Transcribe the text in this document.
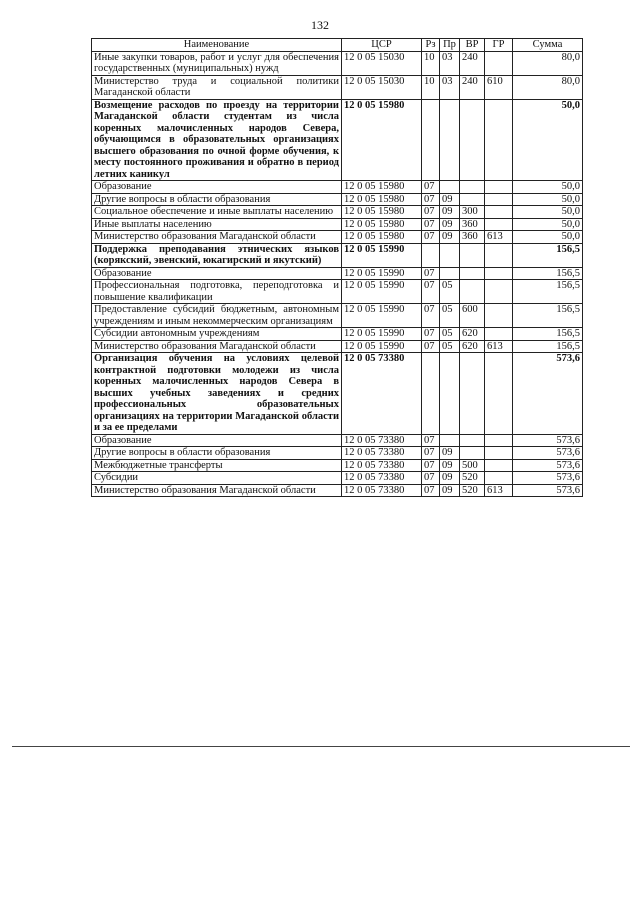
132
Наименование	ЦСР	Рз	Пр	ВР	ГР	Сумма
Иные закупки товаров, работ и услуг для обеспечения государственных (муниципальных) нужд	12 0 05 15030	10	03	240		80,0
Министерство труда и социальной политики Магаданской области	12 0 05 15030	10	03	240	610	80,0
Возмещение расходов по проезду на территории Магаданской области студентам из числа коренных малочисленных народов Севера, обучающимся в образовательных организациях высшего образования по очной форме обучения, к месту постоянного проживания и обратно в период летних каникул	12 0 05 15980					50,0
Образование	12 0 05 15980	07				50,0
Другие вопросы в области образования	12 0 05 15980	07	09			50,0
Социальное обеспечение и иные выплаты населению	12 0 05 15980	07	09	300		50,0
Иные выплаты населению	12 0 05 15980	07	09	360		50,0
Министерство образования Магаданской области	12 0 05 15980	07	09	360	613	50,0
Поддержка преподавания этнических языков (корякский, эвенский, юкагирский и якутский)	12 0 05 15990					156,5
Образование	12 0 05 15990	07				156,5
Профессиональная подготовка, переподготовка и повышение квалификации	12 0 05 15990	07	05			156,5
Предоставление субсидий бюджетным, автономным учреждениям и иным некоммерческим организациям	12 0 05 15990	07	05	600		156,5
Субсидии автономным учреждениям	12 0 05 15990	07	05	620		156,5
Министерство образования Магаданской области	12 0 05 15990	07	05	620	613	156,5
Организация обучения на условиях целевой контрактной подготовки молодежи из числа коренных малочисленных народов Севера в высших учебных заведениях и средних профессиональных образовательных организациях на территории Магаданской области и за ее пределами	12 0 05 73380					573,6
Образование	12 0 05 73380	07				573,6
Другие вопросы в области образования	12 0 05 73380	07	09			573,6
Межбюджетные трансферты	12 0 05 73380	07	09	500		573,6
Субсидии	12 0 05 73380	07	09	520		573,6
Министерство образования Магаданской области	12 0 05 73380	07	09	520	613	573,6
